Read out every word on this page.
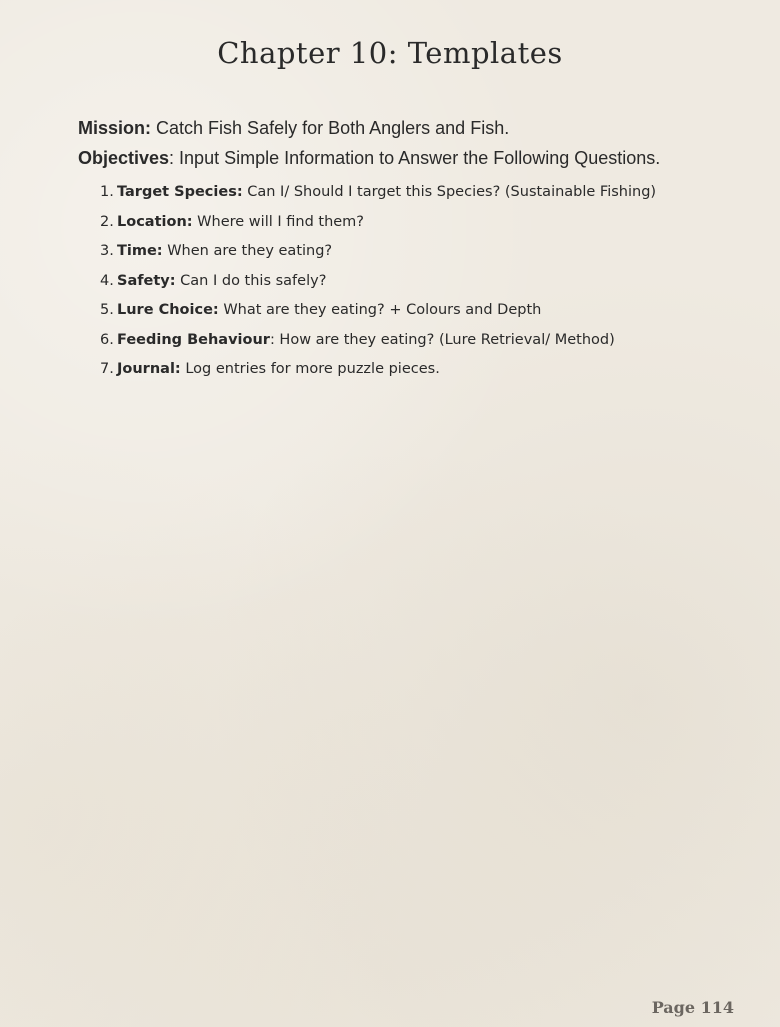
Chapter 10: Templates

Mission: Catch Fish Safely for Both Anglers and Fish.

Objectives: Input Simple Information to Answer the Following Questions.

1. Target Species: Can I/ Should I target this Species? (Sustainable Fishing)
2. Location: Where will I find them?
3. Time: When are they eating?
4. Safety: Can I do this safely?
5. Lure Choice: What are they eating? + Colours and Depth
6. Feeding Behaviour: How are they eating? (Lure Retrieval/ Method)
7. Journal: Log entries for more puzzle pieces.
Page 114
